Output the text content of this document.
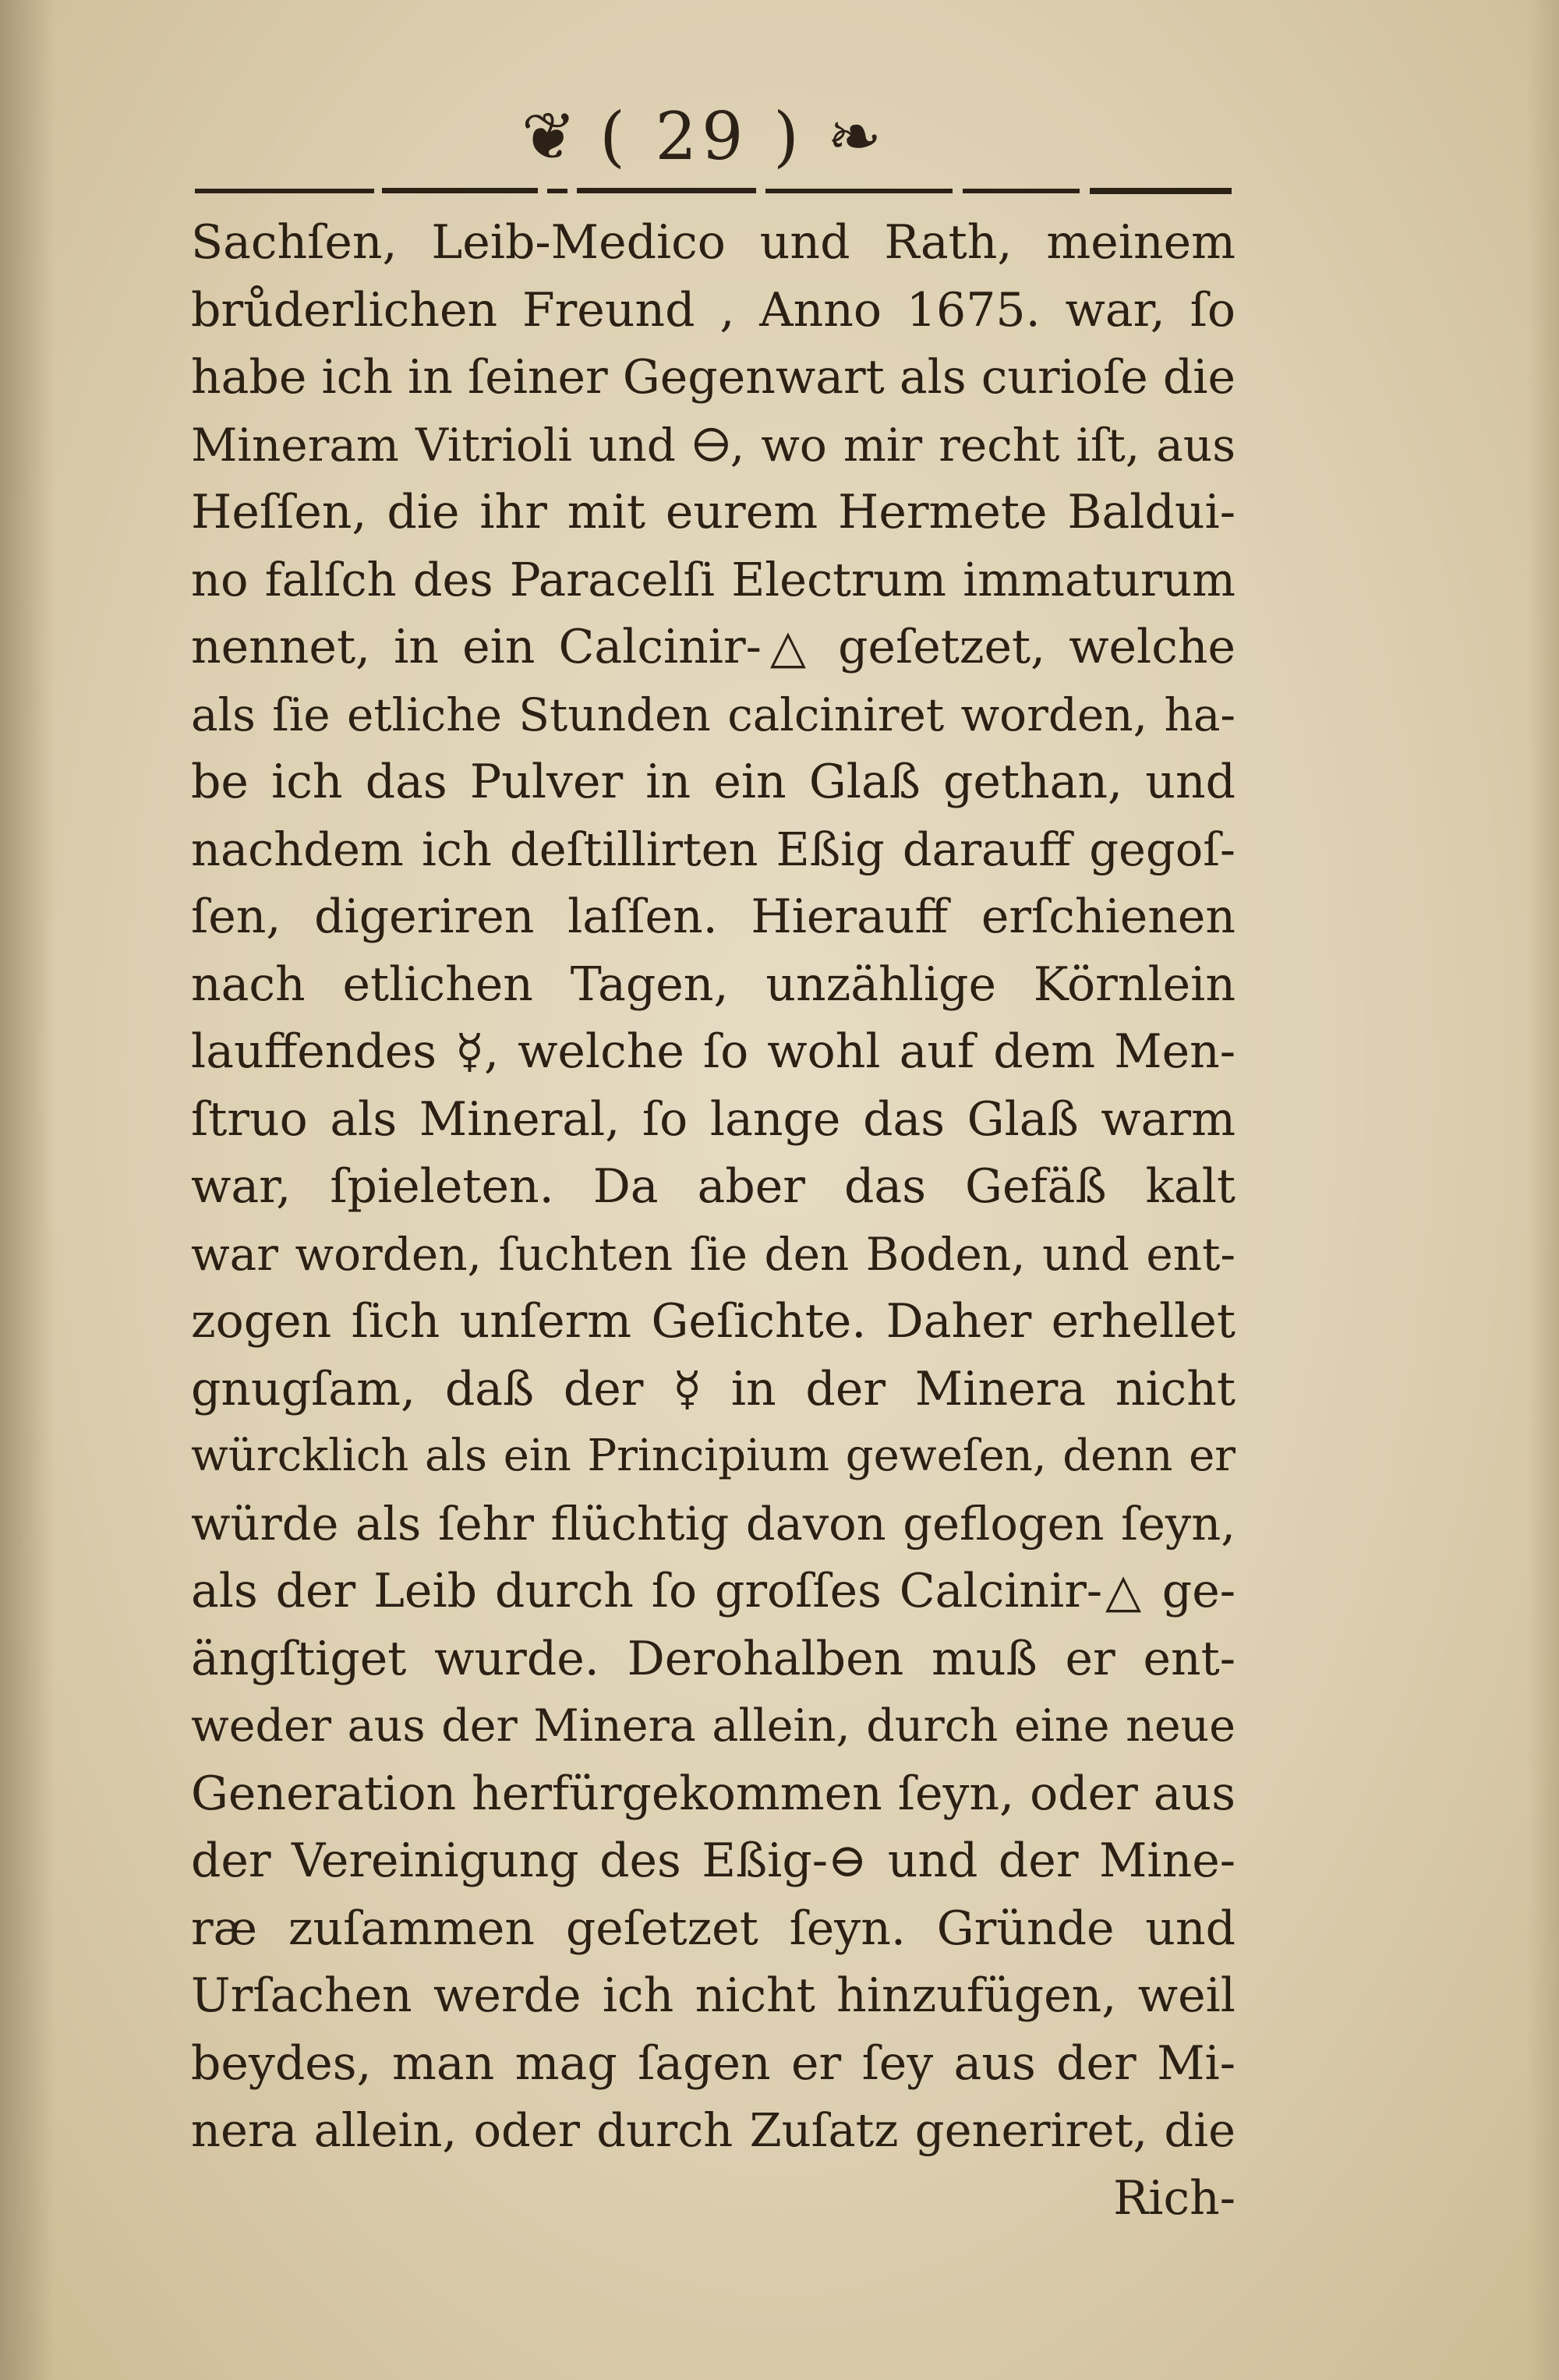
❦ ( 29 ) ❧
Sachſen, Leib-Medico und Rath, meinem
brůderlichen Freund , Anno 1675. war, ſo
habe ich in ſeiner Gegenwart als curioſe die
Mineram Vitrioli und 🜔, wo mir recht iſt, aus
Heſſen, die ihr mit eurem Hermete Baldui-
no falſch des Paracelſi Electrum immaturum
nennet, in ein Calcinir-△ geſetzet, welche
als ſie etliche Stunden calciniret worden, ha-
be ich das Pulver in ein Glaß gethan, und
nachdem ich deſtillirten Eßig darauff gegoſ-
ſen, digeriren laſſen. Hierauff erſchienen
nach etlichen Tagen, unzählige Körnlein
lauffendes ☿, welche ſo wohl auf dem Men-
ſtruo als Mineral, ſo lange das Glaß warm
war, ſpieleten. Da aber das Gefäß kalt
war worden, ſuchten ſie den Boden, und ent-
zogen ſich unſerm Geſichte. Daher erhellet
gnugſam, daß der ☿ in der Minera nicht
würcklich als ein Principium geweſen, denn er
würde als ſehr flüchtig davon geflogen ſeyn,
als der Leib durch ſo groſſes Calcinir-△ ge-
ängſtiget wurde. Derohalben muß er ent-
weder aus der Minera allein, durch eine neue
Generation herfürgekommen ſeyn, oder aus
der Vereinigung des Eßig-⊖ und der Mine-
ræ zuſammen geſetzet ſeyn. Gründe und
Urſachen werde ich nicht hinzufügen, weil
beydes, man mag ſagen er ſey aus der Mi-
nera allein, oder durch Zuſatz generiret, die
Rich-
